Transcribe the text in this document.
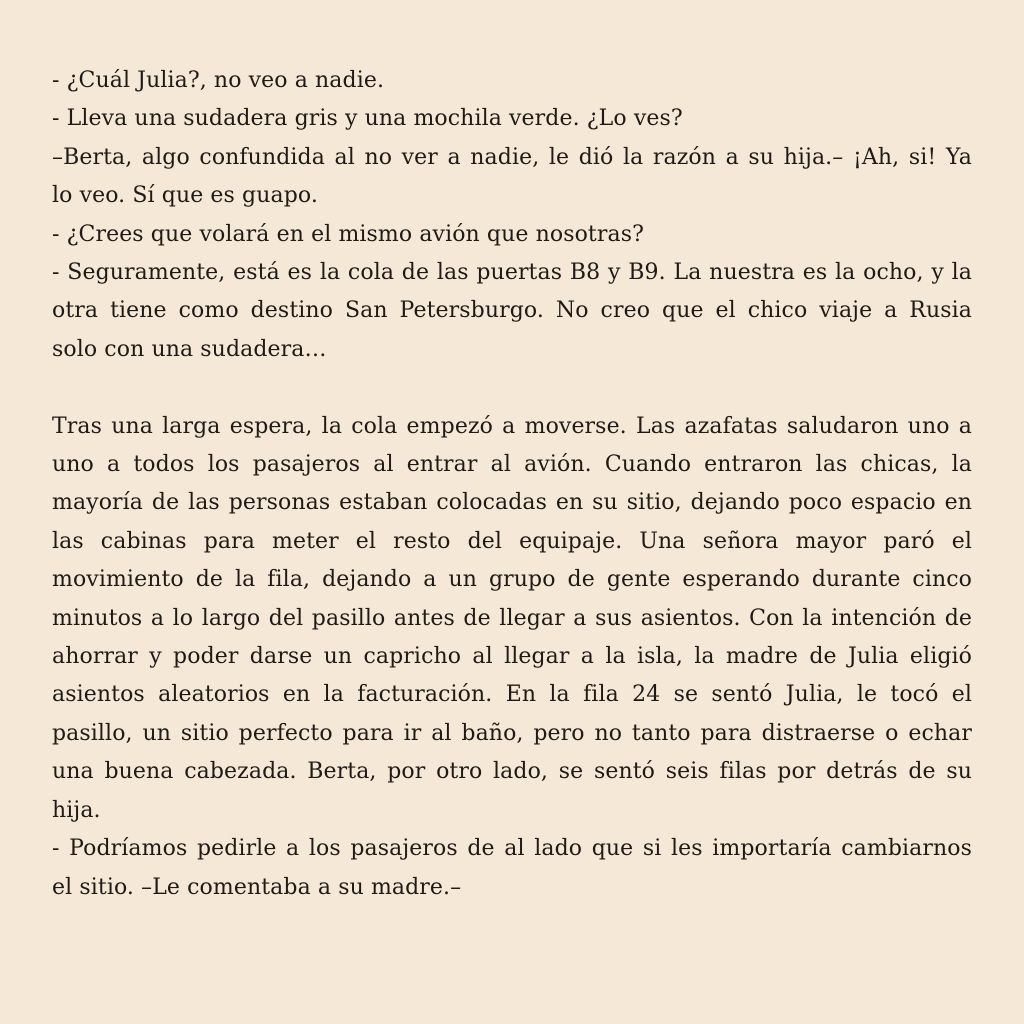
- ¿Cuál Julia?, no veo a nadie.
- Lleva una sudadera gris y una mochila verde. ¿Lo ves?
–Berta, algo confundida al no ver a nadie, le dió la razón a su hija.– ¡Ah, si! Ya
lo veo. Sí que es guapo.
- ¿Crees que volará en el mismo avión que nosotras?
- Seguramente, está es la cola de las puertas B8 y B9. La nuestra es la ocho, y la
otra tiene como destino San Petersburgo. No creo que el chico viaje a Rusia
solo con una sudadera…
Tras una larga espera, la cola empezó a moverse. Las azafatas saludaron uno a
uno a todos los pasajeros al entrar al avión. Cuando entraron las chicas, la
mayoría de las personas estaban colocadas en su sitio, dejando poco espacio en
las cabinas para meter el resto del equipaje. Una señora mayor paró el
movimiento de la fila, dejando a un grupo de gente esperando durante cinco
minutos a lo largo del pasillo antes de llegar a sus asientos. Con la intención de
ahorrar y poder darse un capricho al llegar a la isla, la madre de Julia eligió
asientos aleatorios en la facturación. En la fila 24 se sentó Julia, le tocó el
pasillo, un sitio perfecto para ir al baño, pero no tanto para distraerse o echar
una buena cabezada. Berta, por otro lado, se sentó seis filas por detrás de su
hija.
- Podríamos pedirle a los pasajeros de al lado que si les importaría cambiarnos
el sitio. –Le comentaba a su madre.–
